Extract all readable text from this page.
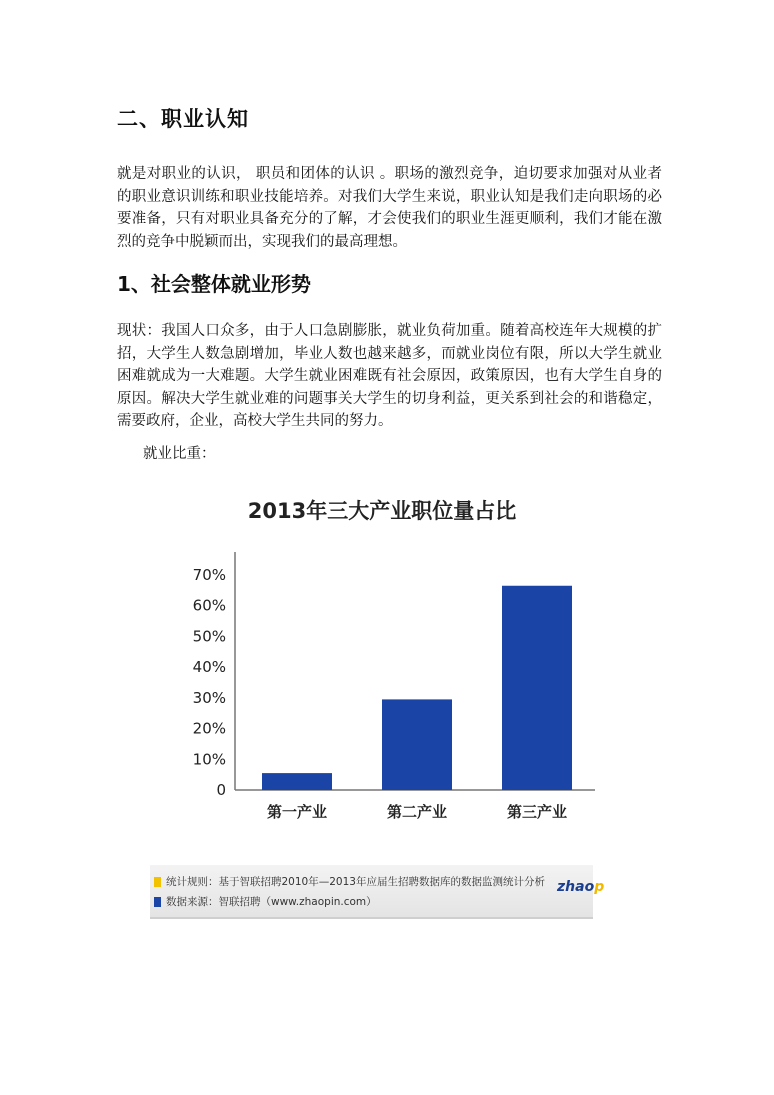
二、职业认知

就是对职业的认识， 职员和团体的认识 。职场的激烈竞争，迫切要求加强对从业者的职业意识训练和职业技能培养。对我们大学生来说，职业认知是我们走向职场的必要准备，只有对职业具备充分的了解，才会使我们的职业生涯更顺利，我们才能在激烈的竞争中脱颖而出，实现我们的最高理想。

1、社会整体就业形势

现状：我国人口众多，由于人口急剧膨胀，就业负荷加重。随着高校连年大规模的扩招，大学生人数急剧增加，毕业人数也越来越多，而就业岗位有限，所以大学生就业困难就成为一大难题。大学生就业困难既有社会原因，政策原因，也有大学生自身的原因。解决大学生就业难的问题事关大学生的切身利益，更关系到社会的和谐稳定，需要政府，企业，高校大学生共同的努力。

就业比重：

2013年三大产业职位量占比
0
10%
20%
30%
40%
50%
60%
70%
第一产业	第二产业	第三产业
统计规则：基于智联招聘2010年—2013年应届生招聘数据库的数据监测统计分析
数据来源：智联招聘（www.zhaopin.com）
zhaop
